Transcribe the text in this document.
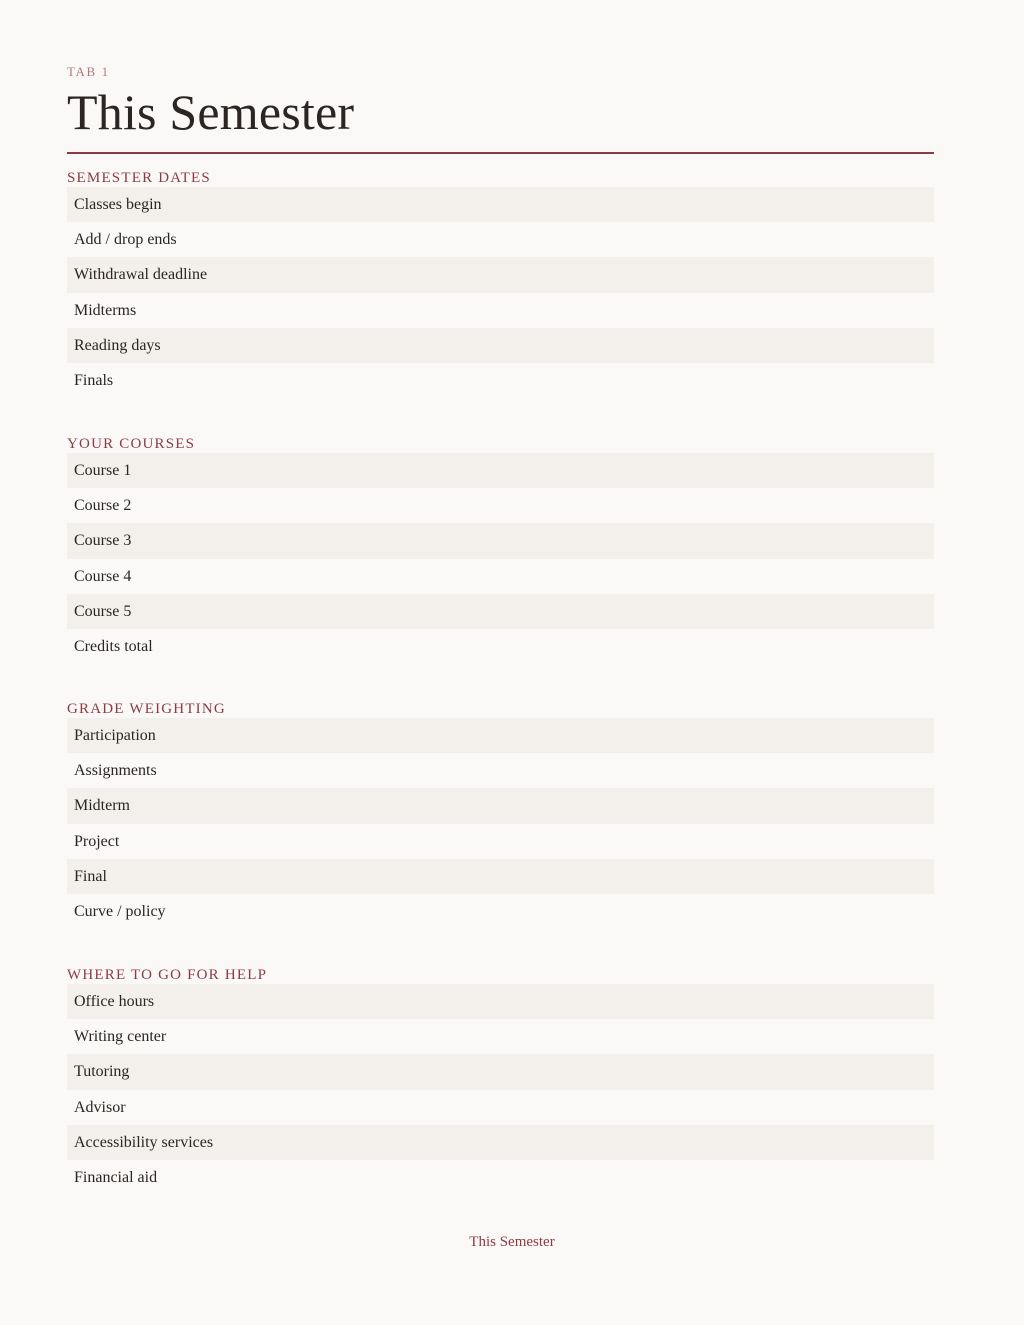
TAB 1
This Semester
SEMESTER DATES
Classes begin
Add / drop ends
Withdrawal deadline
Midterms
Reading days
Finals
YOUR COURSES
Course 1
Course 2
Course 3
Course 4
Course 5
Credits total
GRADE WEIGHTING
Participation
Assignments
Midterm
Project
Final
Curve / policy
WHERE TO GO FOR HELP
Office hours
Writing center
Tutoring
Advisor
Accessibility services
Financial aid
This Semester
